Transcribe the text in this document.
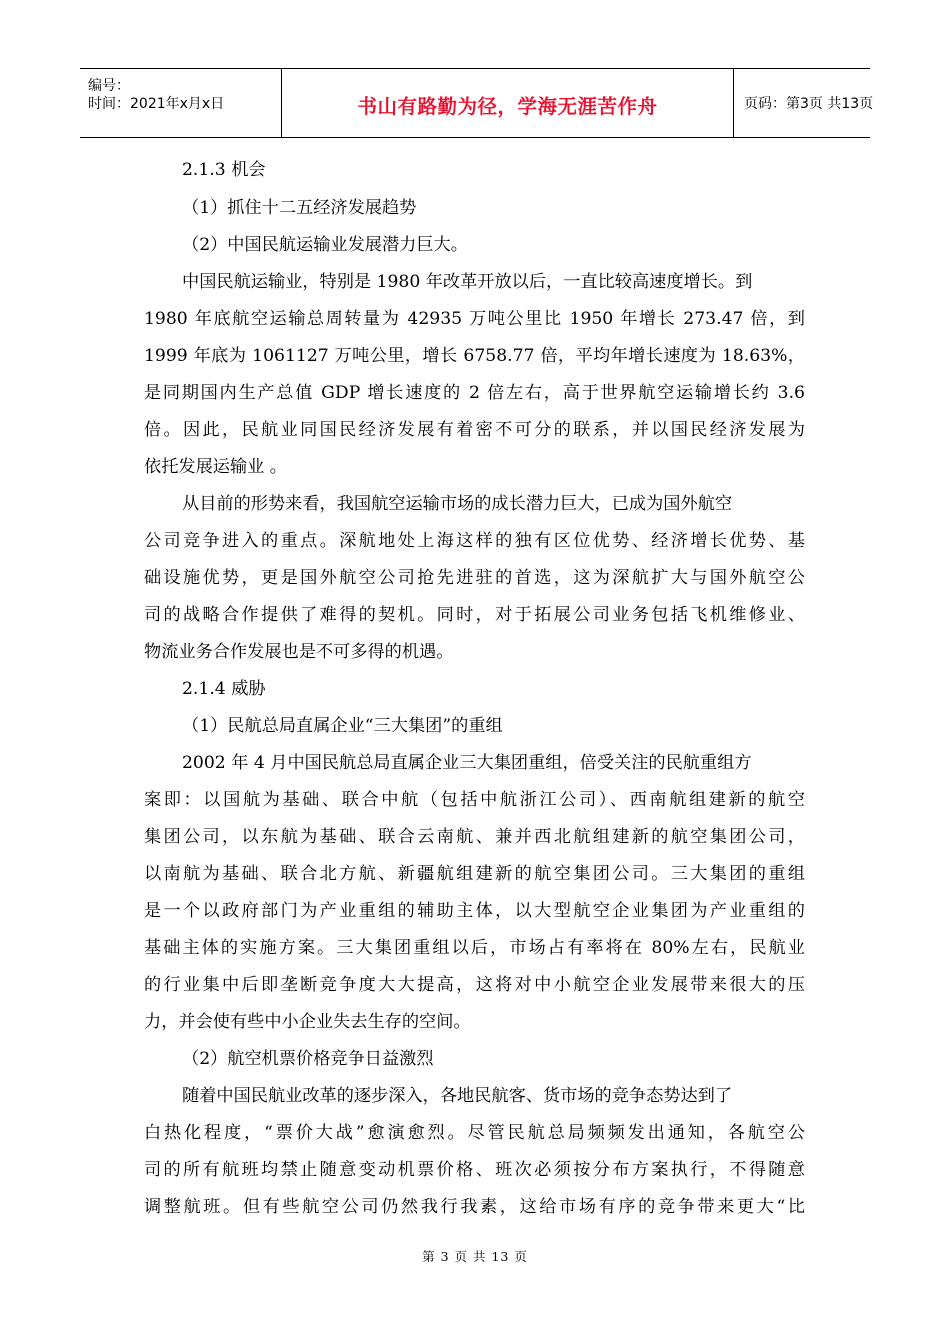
编号：
时间：2021年x月x日	书山有路勤为径，学海无涯苦作舟	页码：第3页 共13页
2.1.3 机会
（1）抓住十二五经济发展趋势
（2）中国民航运输业发展潜力巨大。
中国民航运输业，特别是 1980 年改革开放以后，一直比较高速度增长。到
1980 年底航空运输总周转量为 42935 万吨公里比 1950 年增长 273.47 倍，到
1999 年底为 1061127 万吨公里，增长 6758.77 倍，平均年增长速度为 18.63%，
是同期国内生产总值 GDP 增长速度的 2 倍左右，高于世界航空运输增长约 3.6
倍。因此，民航业同国民经济发展有着密不可分的联系，并以国民经济发展为
依托发展运输业 。
从目前的形势来看，我国航空运输市场的成长潜力巨大，已成为国外航空
公司竞争进入的重点。深航地处上海这样的独有区位优势、经济增长优势、基
础设施优势，更是国外航空公司抢先进驻的首选，这为深航扩大与国外航空公
司的战略合作提供了难得的契机。同时，对于拓展公司业务包括飞机维修业、
物流业务合作发展也是不可多得的机遇。
2.1.4 威胁
（1）民航总局直属企业“三大集团”的重组
2002 年 4 月中国民航总局直属企业三大集团重组，倍受关注的民航重组方
案即：以国航为基础、联合中航（包括中航浙江公司）、西南航组建新的航空
集团公司，以东航为基础、联合云南航、兼并西北航组建新的航空集团公司，
以南航为基础、联合北方航、新疆航组建新的航空集团公司。三大集团的重组
是一个以政府部门为产业重组的辅助主体，以大型航空企业集团为产业重组的
基础主体的实施方案。三大集团重组以后，市场占有率将在 80%左右，民航业
的行业集中后即垄断竞争度大大提高，这将对中小航空企业发展带来很大的压
力，并会使有些中小企业失去生存的空间。
（2）航空机票价格竞争日益激烈
随着中国民航业改革的逐步深入，各地民航客、货市场的竞争态势达到了
白热化程度，“票价大战”愈演愈烈。尽管民航总局频频发出通知，各航空公
司的所有航班均禁止随意变动机票价格、班次必须按分布方案执行，不得随意
调整航班。但有些航空公司仍然我行我素，这给市场有序的竞争带来更大“比
第 3 页 共 13 页
